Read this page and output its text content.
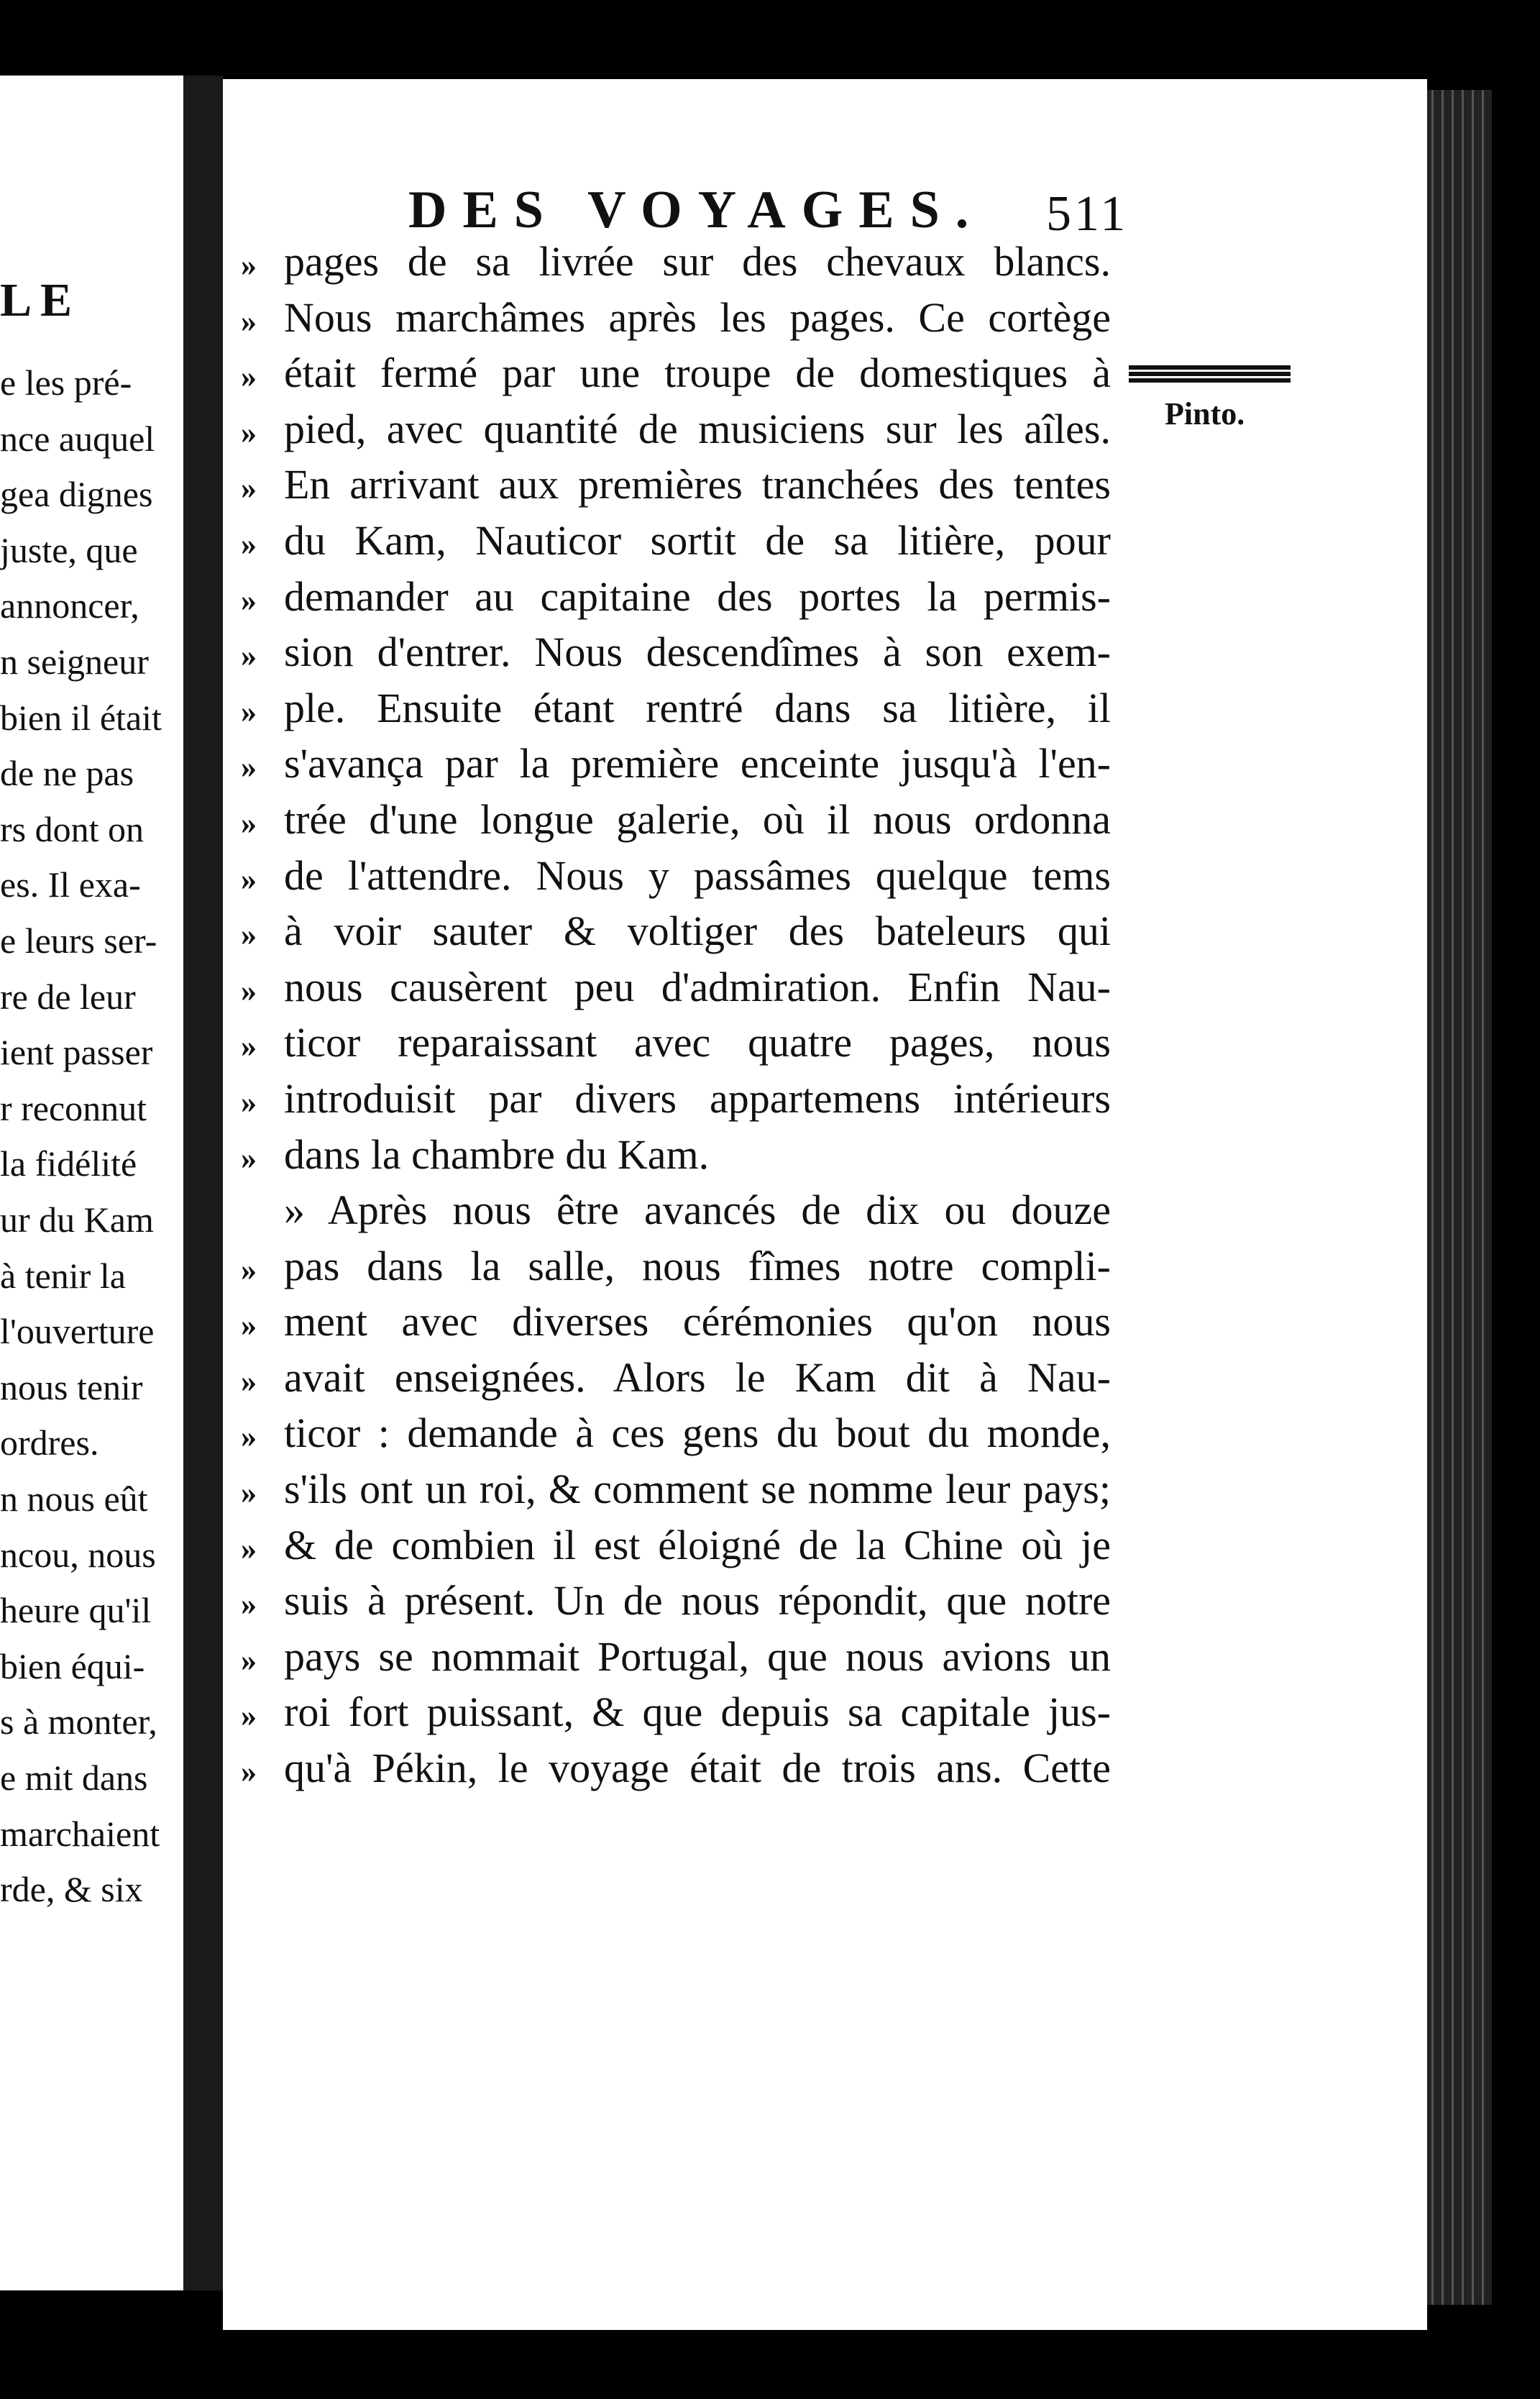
LE
e les pré-
nce auquel
gea dignes
juste, que
annoncer,
n seigneur
bien il était
de ne pas
rs dont on
es. Il exa-
e leurs ser-
re de leur
ient passer
r reconnut
la fidélité
ur du Kam
à tenir la
l'ouverture
nous tenir
ordres.
n nous eût
ncou, nous
heure qu'il
bien équi-
s à monter,
e mit dans
marchaient
rde, & six
DES VOYAGES. 511
Pinto.
» pages de sa livrée sur des chevaux blancs.
» Nous marchâmes après les pages. Ce cortège
» était fermé par une troupe de domestiques à
» pied, avec quantité de musiciens sur les aîles.
» En arrivant aux premières tranchées des tentes
» du Kam, Nauticor sortit de sa litière, pour
» demander au capitaine des portes la permis-
» sion d'entrer. Nous descendîmes à son exem-
» ple. Ensuite étant rentré dans sa litière, il
» s'avança par la première enceinte jusqu'à l'en-
» trée d'une longue galerie, où il nous ordonna
» de l'attendre. Nous y passâmes quelque tems
» à voir sauter & voltiger des bateleurs qui
» nous causèrent peu d'admiration. Enfin Nau-
» ticor reparaissant avec quatre pages, nous
» introduisit par divers appartemens intérieurs
» dans la chambre du Kam.
» Après nous être avancés de dix ou douze
» pas dans la salle, nous fîmes notre compli-
» ment avec diverses cérémonies qu'on nous
» avait enseignées. Alors le Kam dit à Nau-
» ticor : demande à ces gens du bout du monde,
» s'ils ont un roi, & comment se nomme leur pays;
» & de combien il est éloigné de la Chine où je
» suis à présent. Un de nous répondit, que notre
» pays se nommait Portugal, que nous avions un
» roi fort puissant, & que depuis sa capitale jus-
» qu'à Pékin, le voyage était de trois ans. Cette
